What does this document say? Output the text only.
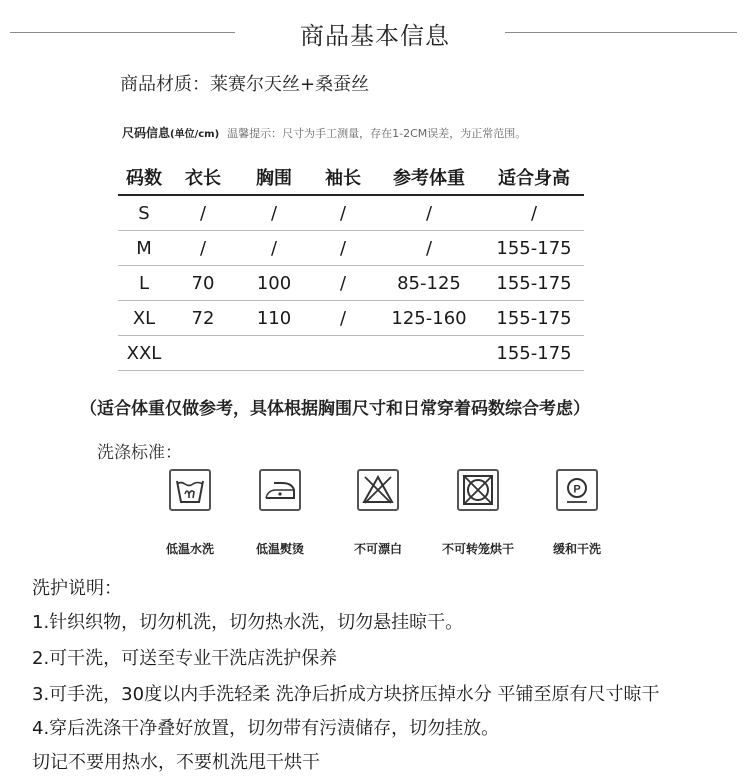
商品基本信息
商品材质：莱赛尔天丝+桑蚕丝
尺码信息(单位/cm) 温馨提示：尺寸为手工测量，存在1-2CM误差，为正常范围。
码数	衣长	胸围	袖长	参考体重	适合身高
S	/	/	/	/	/
M	/	/	/	/	155-175
L	70	100	/	85-125	155-175
XL	72	110	/	125-160	155-175
XXL					155-175
（适合体重仅做参考，具体根据胸围尺寸和日常穿着码数综合考虑）
洗涤标准：
P
低温水洗	低温熨烫	不可漂白	不可转笼烘干	缓和干洗
洗护说明：
1.针织织物，切勿机洗，切勿热水洗，切勿悬挂晾干。
2.可干洗，可送至专业干洗店洗护保养
3.可手洗，30度以内手洗轻柔 洗净后折成方块挤压掉水分 平铺至原有尺寸晾干
4.穿后洗涤干净叠好放置，切勿带有污渍储存，切勿挂放。
切记不要用热水，不要机洗甩干烘干
